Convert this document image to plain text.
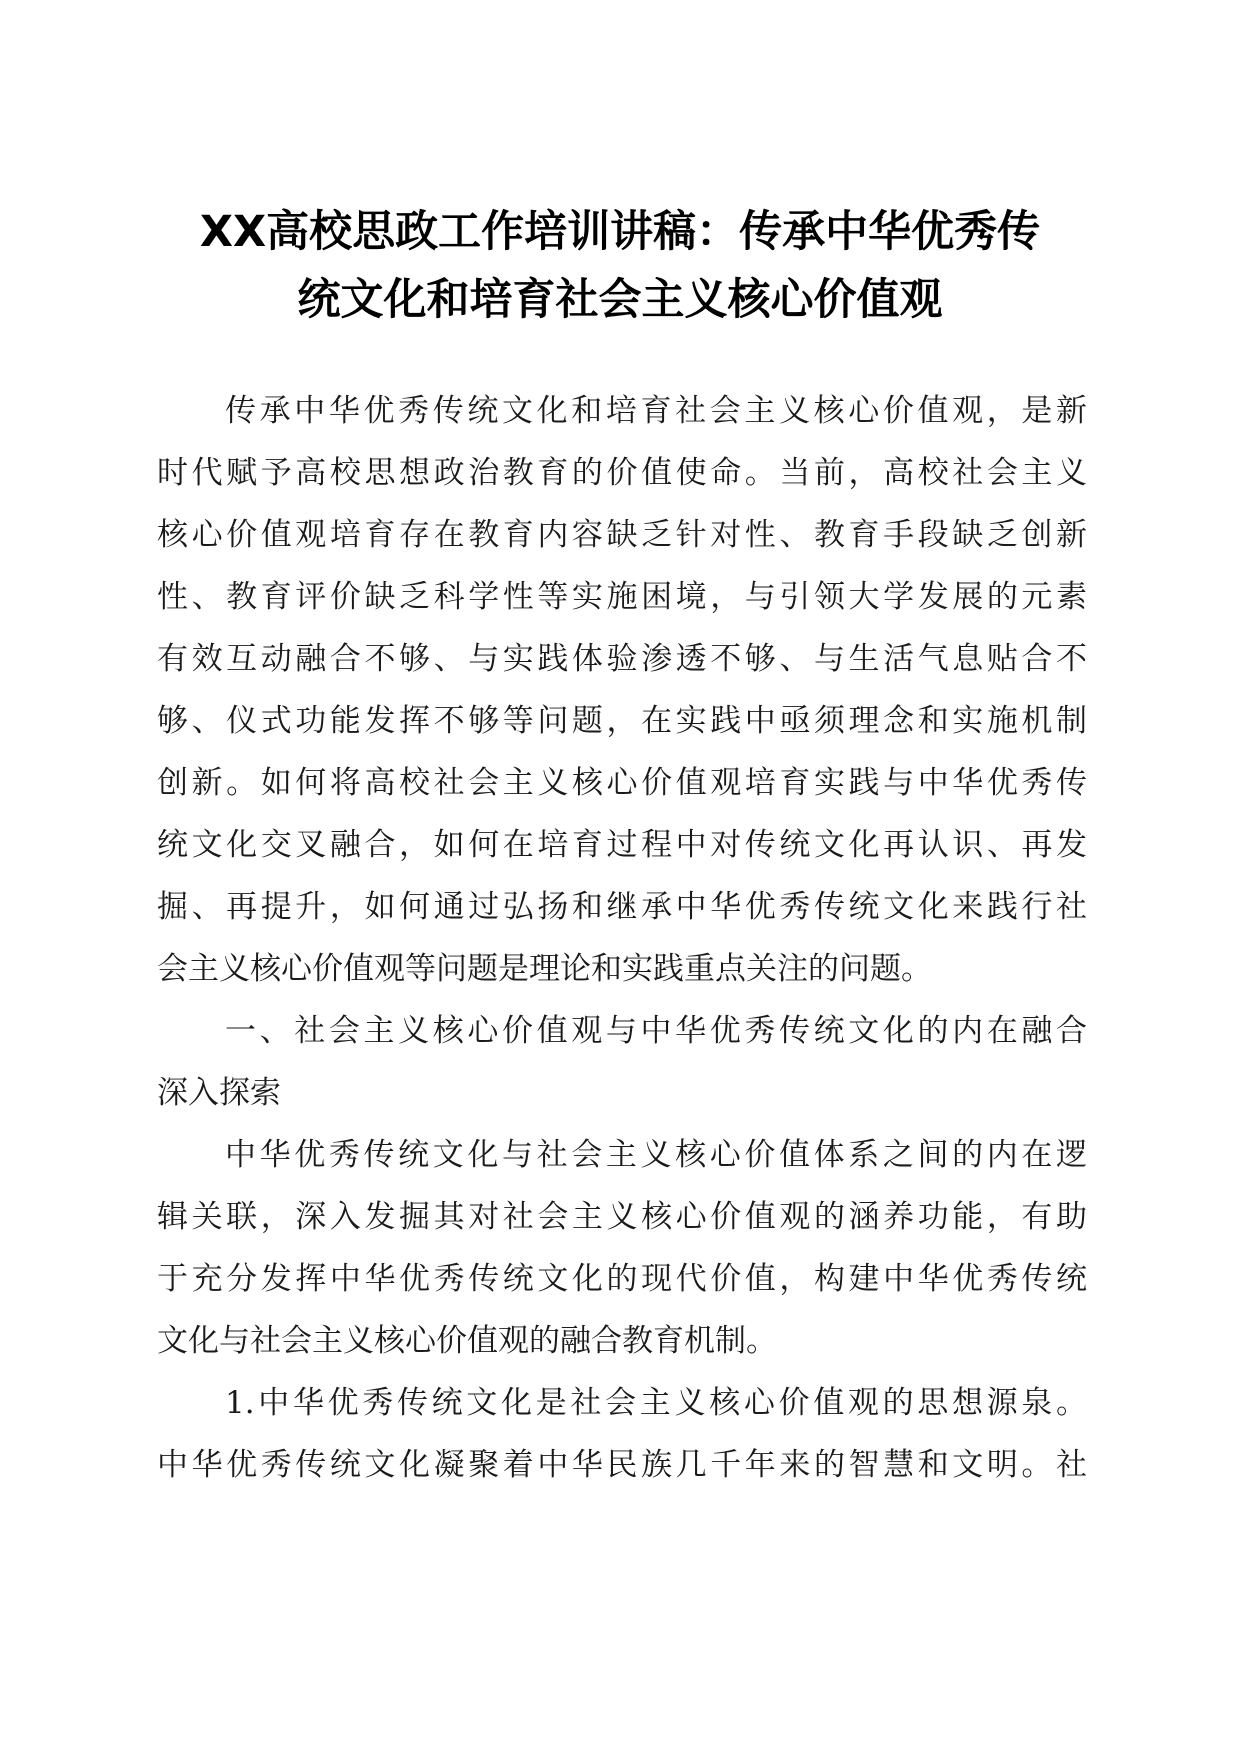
XX高校思政工作培训讲稿：传承中华优秀传
统文化和培育社会主义核心价值观
传承中华优秀传统文化和培育社会主义核心价值观，是新
时代赋予高校思想政治教育的价值使命。当前，高校社会主义
核心价值观培育存在教育内容缺乏针对性、教育手段缺乏创新
性、教育评价缺乏科学性等实施困境，与引领大学发展的元素
有效互动融合不够、与实践体验渗透不够、与生活气息贴合不
够、仪式功能发挥不够等问题，在实践中亟须理念和实施机制
创新。如何将高校社会主义核心价值观培育实践与中华优秀传
统文化交叉融合，如何在培育过程中对传统文化再认识、再发
掘、再提升，如何通过弘扬和继承中华优秀传统文化来践行社
会主义核心价值观等问题是理论和实践重点关注的问题。
一、社会主义核心价值观与中华优秀传统文化的内在融合
深入探索
中华优秀传统文化与社会主义核心价值体系之间的内在逻
辑关联，深入发掘其对社会主义核心价值观的涵养功能，有助
于充分发挥中华优秀传统文化的现代价值，构建中华优秀传统
文化与社会主义核心价值观的融合教育机制。
1.中华优秀传统文化是社会主义核心价值观的思想源泉。
中华优秀传统文化凝聚着中华民族几千年来的智慧和文明。社
